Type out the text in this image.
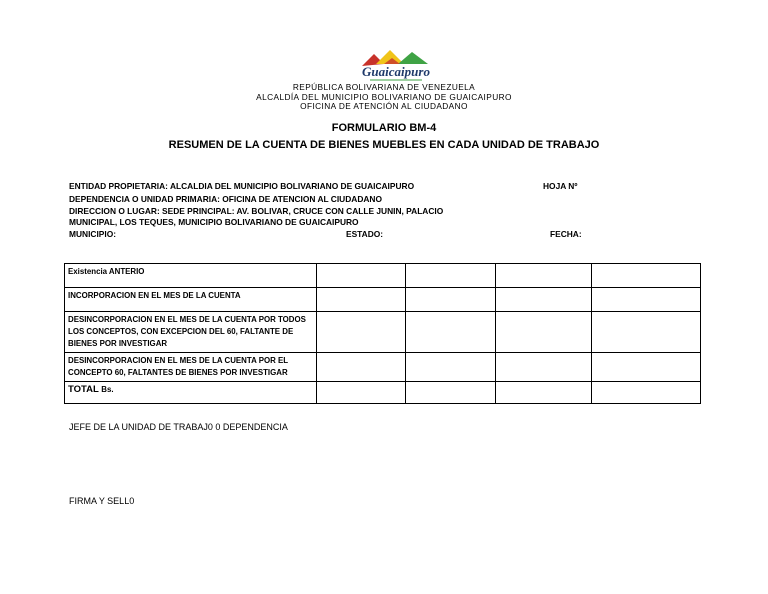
Guaicaipuro
REPÚBLICA BOLIVARIANA DE VENEZUELA
ALCALDÍA DEL MUNICIPIO BOLIVARIANO DE GUAICAIPURO
OFICINA DE ATENCIÓN AL CIUDADANO
FORMULARIO BM-4
RESUMEN DE LA CUENTA DE BIENES MUEBLES EN CADA UNIDAD DE TRABAJO
ENTIDAD PROPIETARIA: ALCALDIA DEL MUNICIPIO BOLIVARIANO DE GUAICAIPURO	HOJA Nº
DEPENDENCIA O UNIDAD PRIMARIA: OFICINA DE ATENCION AL CIUDADANO
DIRECCION O LUGAR: SEDE PRINCIPAL: AV. BOLIVAR, CRUCE CON CALLE JUNIN, PALACIO
MUNICIPAL, LOS TEQUES, MUNICIPIO BOLIVARIANO DE GUAICAIPURO
MUNICIPIO:	ESTADO:	FECHA:
Existencia ANTERIO				
INCORPORACION EN EL MES DE LA CUENTA				

DESINCORPORACION EN EL MES DE LA CUENTA POR TODOS
LOS CONCEPTOS, CON EXCEPCION DEL 60, FALTANTE DE
BIENES POR INVESTIGAR				

DESINCORPORACION EN EL MES DE LA CUENTA POR EL
CONCEPTO 60, FALTANTES DE BIENES POR INVESTIGAR				

TOTAL Bs.				
JEFE DE LA UNIDAD DE TRABAJ0 0 DEPENDENCIA
FIRMA Y SELL0
